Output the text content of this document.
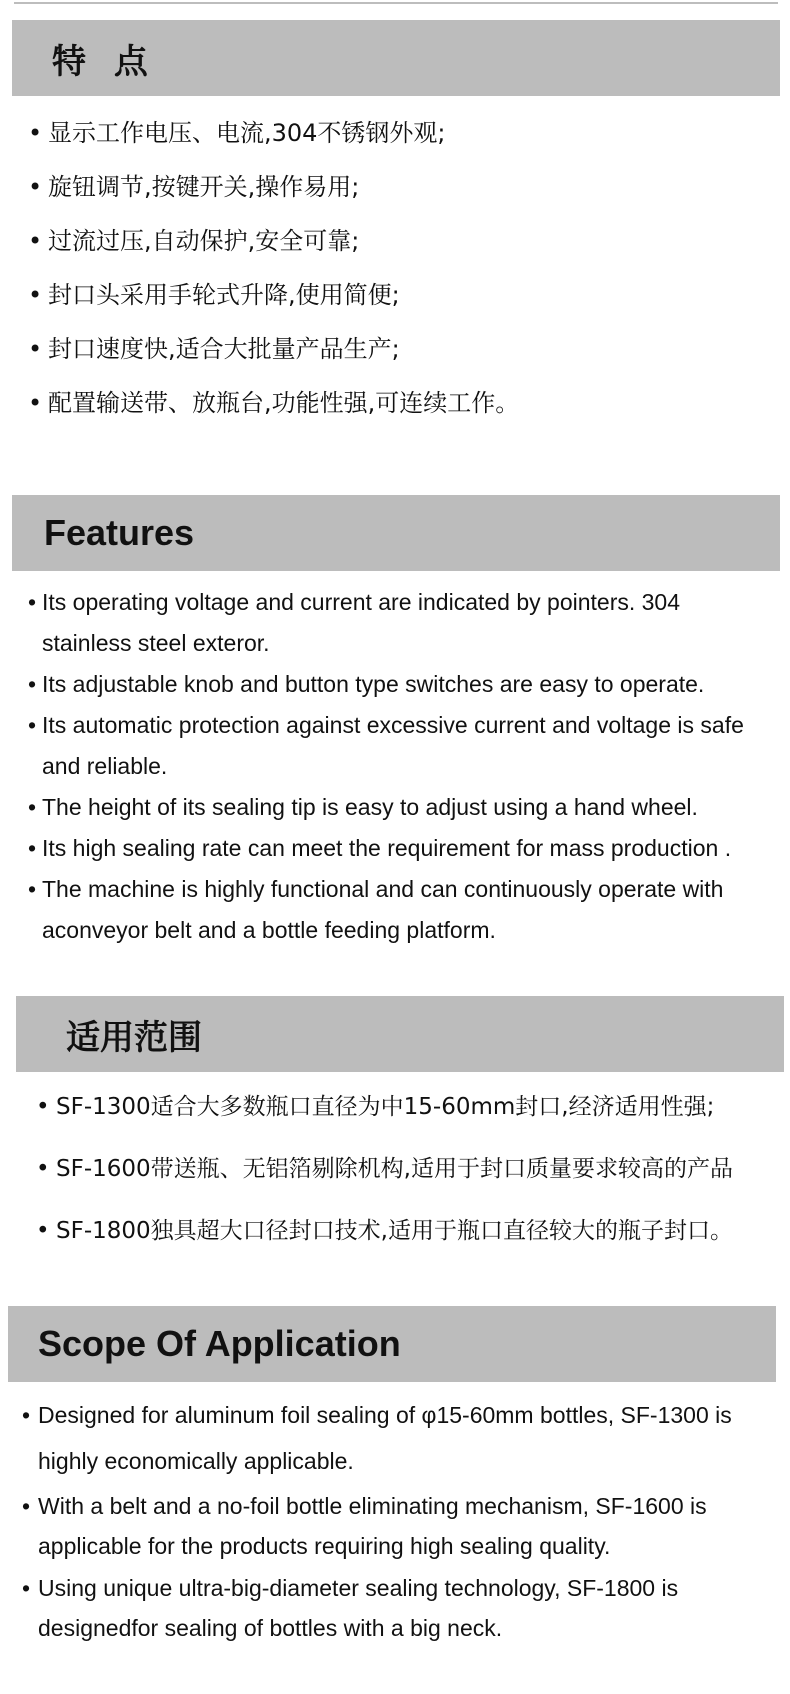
特 点
• 显示工作电压、电流,304不锈钢外观;
• 旋钮调节,按键开关,操作易用;
• 过流过压,自动保护,安全可靠;
• 封口头采用手轮式升降,使用简便;
• 封口速度快,适合大批量产品生产;
• 配置输送带、放瓶台,功能性强,可连续工作。
Features
• Its operating voltage and current are indicated by pointers. 304 stainless steel exteror.
• Its adjustable knob and button type switches are easy to operate.
• Its automatic protection against excessive current and voltage is safe and reliable.
• The height of its sealing tip is easy to adjust using a hand wheel.
• Its high sealing rate can meet the requirement for mass production .
• The machine is highly functional and can continuously operate with aconveyor belt and a bottle feeding platform.
适用范围
• SF-1300适合大多数瓶口直径为中15-60mm封口,经济适用性强;
• SF-1600带送瓶、无铝箔剔除机构,适用于封口质量要求较高的产品
• SF-1800独具超大口径封口技术,适用于瓶口直径较大的瓶子封口。
Scope Of Application
• Designed for aluminum foil sealing of φ15-60mm bottles, SF-1300 is highly economically applicable.
• With a belt and a no-foil bottle eliminating mechanism, SF-1600 is applicable for the products requiring high sealing quality.
• Using unique ultra-big-diameter sealing technology, SF-1800 is designedfor sealing of bottles with a big neck.
